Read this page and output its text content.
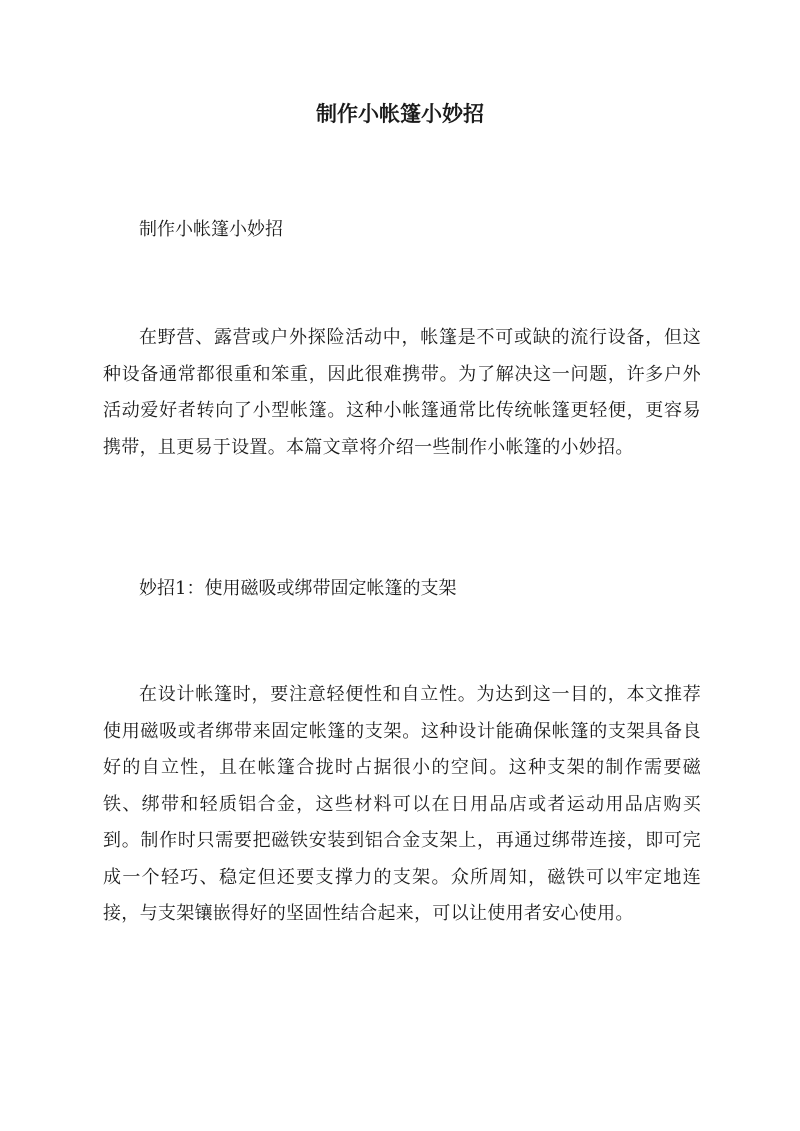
制作小帐篷小妙招

制作小帐篷小妙招

在野营、露营或户外探险活动中，帐篷是不可或缺的流行设备，但这种设备通常都很重和笨重，因此很难携带。为了解决这一问题，许多户外活动爱好者转向了小型帐篷。这种小帐篷通常比传统帐篷更轻便，更容易携带，且更易于设置。本篇文章将介绍一些制作小帐篷的小妙招。

妙招1：使用磁吸或绑带固定帐篷的支架

在设计帐篷时，要注意轻便性和自立性。为达到这一目的，本文推荐使用磁吸或者绑带来固定帐篷的支架。这种设计能确保帐篷的支架具备良好的自立性，且在帐篷合拢时占据很小的空间。这种支架的制作需要磁铁、绑带和轻质铝合金，这些材料可以在日用品店或者运动用品店购买到。制作时只需要把磁铁安装到铝合金支架上，再通过绑带连接，即可完成一个轻巧、稳定但还要支撑力的支架。众所周知，磁铁可以牢定地连接，与支架镶嵌得好的坚固性结合起来，可以让使用者安心使用。
